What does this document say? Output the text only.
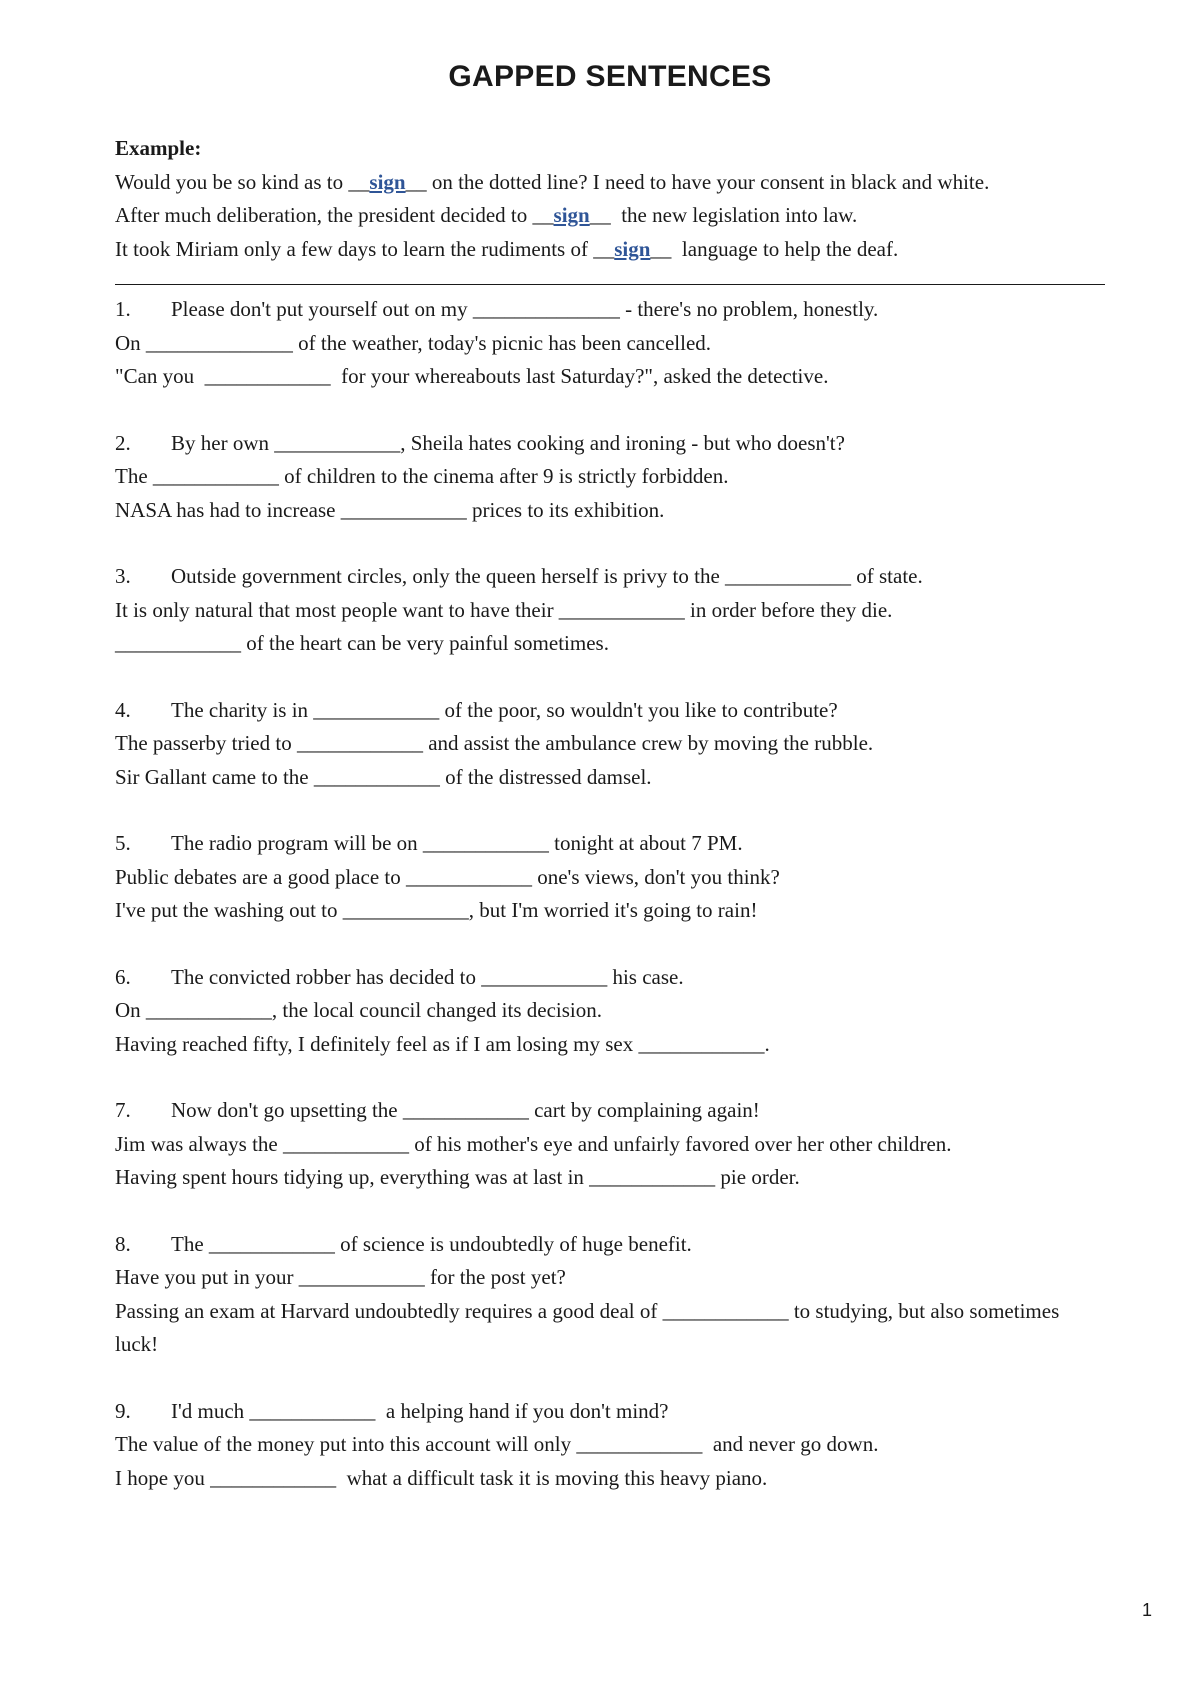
GAPPED SENTENCES
Example:
Would you be so kind as to __sign__ on the dotted line? I need to have your consent in black and white.
After much deliberation, the president decided to __sign__  the new legislation into law.
It took Miriam only a few days to learn the rudiments of __sign__  language to help the deaf.
1. Please don't put yourself out on my ______________ - there's no problem, honestly.
On ______________ of the weather, today's picnic has been cancelled.
"Can you  ____________  for your whereabouts last Saturday?", asked the detective.
2. By her own ____________, Sheila hates cooking and ironing - but who doesn't?
The ____________ of children to the cinema after 9 is strictly forbidden.
NASA has had to increase ____________ prices to its exhibition.
3. Outside government circles, only the queen herself is privy to the ____________ of state.
It is only natural that most people want to have their ____________ in order before they die.
____________ of the heart can be very painful sometimes.
4. The charity is in ____________ of the poor, so wouldn't you like to contribute?
The passerby tried to ____________ and assist the ambulance crew by moving the rubble.
Sir Gallant came to the ____________ of the distressed damsel.
5. The radio program will be on ____________ tonight at about 7 PM.
Public debates are a good place to ____________ one's views, don't you think?
I've put the washing out to ____________, but I'm worried it's going to rain!
6. The convicted robber has decided to ____________ his case.
On ____________, the local council changed its decision.
Having reached fifty, I definitely feel as if I am losing my sex ____________.
7. Now don't go upsetting the ____________ cart by complaining again!
Jim was always the ____________ of his mother's eye and unfairly favored over her other children.
Having spent hours tidying up, everything was at last in ____________ pie order.
8. The ____________ of science is undoubtedly of huge benefit.
Have you put in your ____________ for the post yet?
Passing an exam at Harvard undoubtedly requires a good deal of ____________ to studying, but also sometimes luck!
9. I'd much ____________  a helping hand if you don't mind?
The value of the money put into this account will only ____________  and never go down.
I hope you ____________  what a difficult task it is moving this heavy piano.
1
